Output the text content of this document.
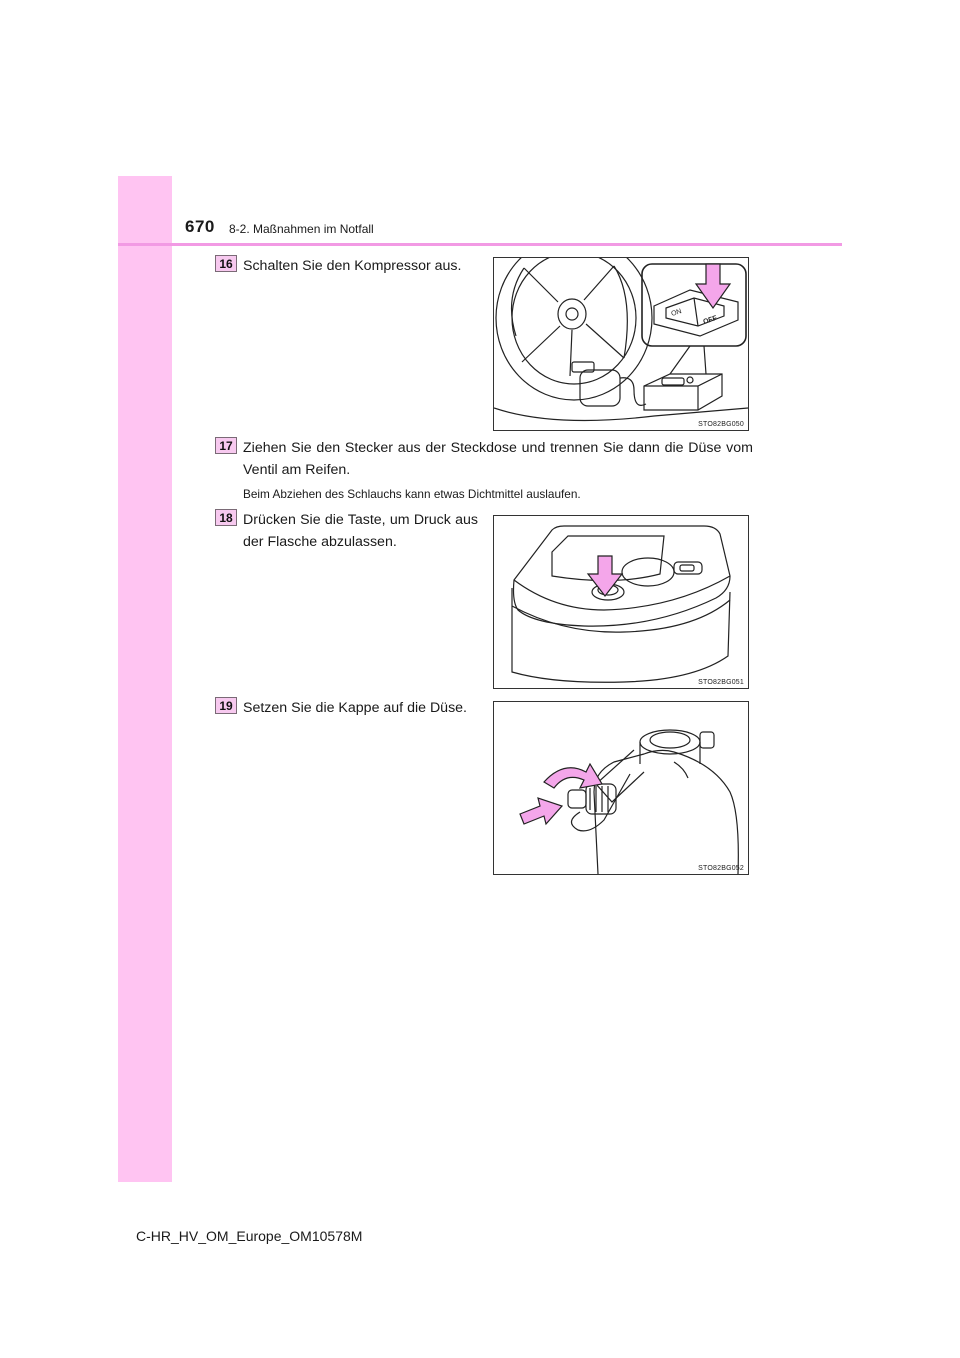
670 8-2. Maßnahmen im Notfall
16 Schalten Sie den Kompressor aus.
ON
OFF
STO82BG050
17 Ziehen Sie den Stecker aus der Steckdose und trennen Sie dann die Düse vom Ventil am Reifen.
Beim Abziehen des Schlauchs kann etwas Dichtmittel auslaufen.
18 Drücken Sie die Taste, um Druck aus der Flasche abzulassen.
STO82BG051
19 Setzen Sie die Kappe auf die Düse.
STO82BG052
C-HR_HV_OM_Europe_OM10578M
